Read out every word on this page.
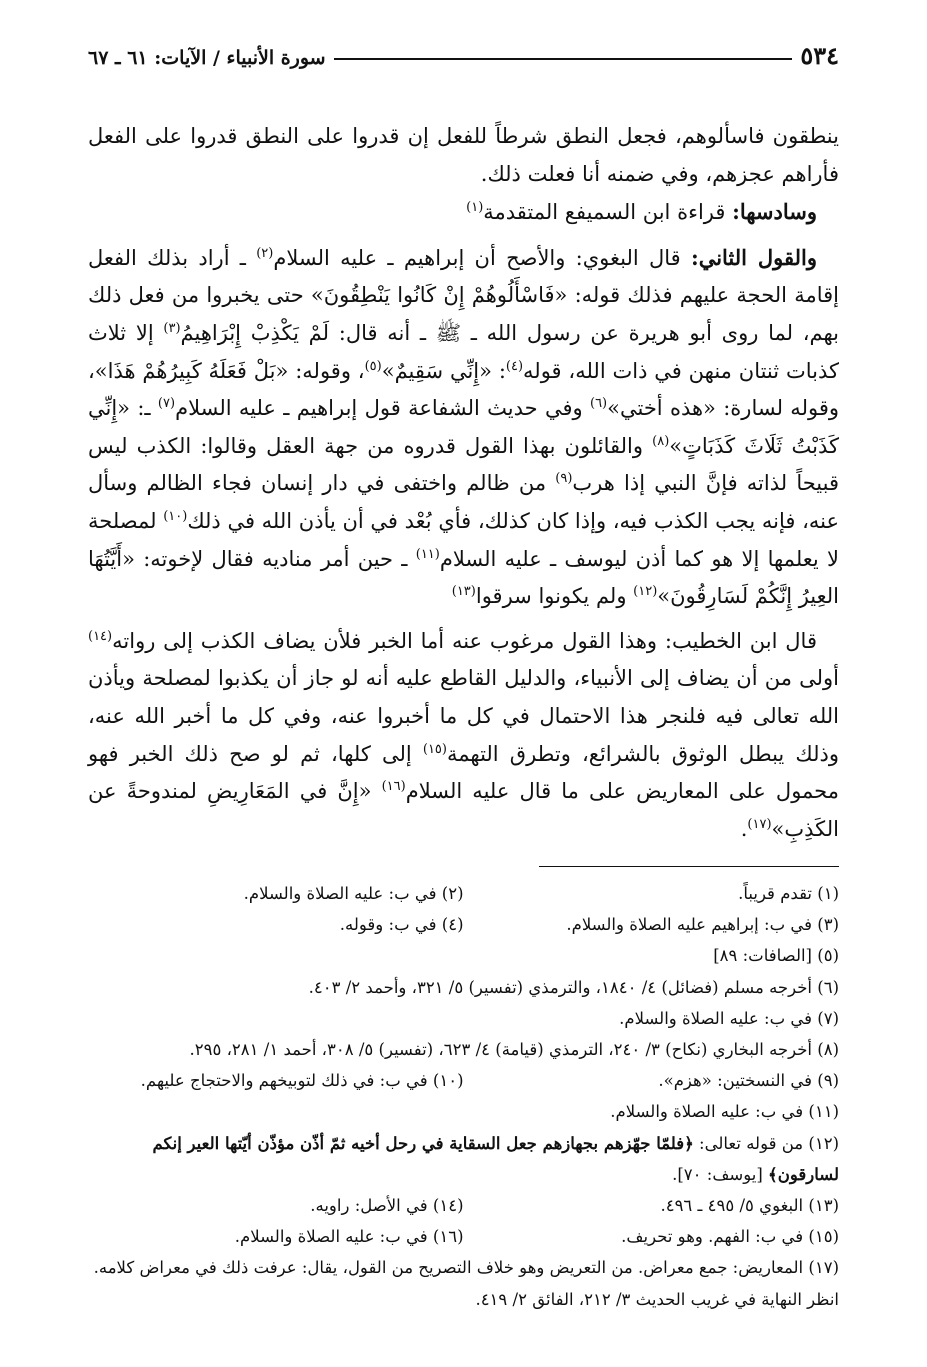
٥٣٤
سورة الأنبياء / الآيات: ٦١ ـ ٦٧

ينطقون فاسألوهم، فجعل النطق شرطاً للفعل إن قدروا على النطق قدروا على الفعل فأراهم عجزهم، وفي ضمنه أنا فعلت ذلك.

وسادسها: قراءة ابن السميفع المتقدمة$^{(١)}$

والقول الثاني: قال البغوي: والأصح أن إبراهيم ـ عليه السلام$^{(٢)}$ ـ أراد بذلك الفعل إقامة الحجة عليهم فذلك قوله: «فَاسْأَلُوهُمْ إِنْ كَانُوا يَنْطِقُونَ» حتى يخبروا من فعل ذلك بهم، لما روى أبو هريرة عن رسول الله ـ ﷺ ـ أنه قال: لَمْ يَكْذِبْ إِبْرَاهِيمُ$^{(٣)}$ إلا ثلاث كذبات ثنتان منهن في ذات الله، قوله$^{(٤)}$: «إِنِّي سَقِيمٌ»$^{(٥)}$، وقوله: «بَلْ فَعَلَهُ كَبِيرُهُمْ هَذَا»، وقوله لسارة: «هذه أختي»$^{(٦)}$ وفي حديث الشفاعة قول إبراهيم ـ عليه السلام$^{(٧)}$ ـ: «إِنِّي كَذَبْتُ ثَلَاثَ كَذَبَاتٍ»$^{(٨)}$ والقائلون بهذا القول قدروه من جهة العقل وقالوا: الكذب ليس قبيحاً لذاته فإنَّ النبي إذا هرب$^{(٩)}$ من ظالم واختفى في دار إنسان فجاء الظالم وسأل عنه، فإنه يجب الكذب فيه، وإذا كان كذلك، فأي بُعْد في أن يأذن الله في ذلك$^{(١٠)}$ لمصلحة لا يعلمها إلا هو كما أذن ليوسف ـ عليه السلام$^{(١١)}$ ـ حين أمر مناديه فقال لإخوته: «أَيَّتُهَا العِيرُ إِنَّكُمْ لَسَارِقُونَ»$^{(١٢)}$ ولم يكونوا سرقوا$^{(١٣)}$

قال ابن الخطيب: وهذا القول مرغوب عنه أما الخبر فلأن يضاف الكذب إلى رواته$^{(١٤)}$ أولى من أن يضاف إلى الأنبياء، والدليل القاطع عليه أنه لو جاز أن يكذبوا لمصلحة ويأذن الله تعالى فيه فلنجر هذا الاحتمال في كل ما أخبروا عنه، وفي كل ما أخبر الله عنه، وذلك يبطل الوثوق بالشرائع، وتطرق التهمة$^{(١٥)}$ إلى كلها، ثم لو صح ذلك الخبر فهو محمول على المعاريض على ما قال عليه السلام$^{(١٦)}$ «إِنَّ في المَعَارِيضِ لمندوحةً عن الكَذِبِ»$^{(١٧)}$.

(١) تقدم قريباً.
(٢) في ب: عليه الصلاة والسلام.
(٣) في ب: إبراهيم عليه الصلاة والسلام.
(٤) في ب: وقوله.

(٥) [الصافات: ٨٩]

(٦) أخرجه مسلم (فضائل) ٤/ ١٨٤٠، والترمذي (تفسير) ٥/ ٣٢١، وأحمد ٢/ ٤٠٣.

(٧) في ب: عليه الصلاة والسلام.

(٨) أخرجه البخاري (نكاح) ٣/ ٢٤٠، الترمذي (قيامة) ٤/ ٦٢٣، (تفسير) ٥/ ٣٠٨، أحمد ١/ ٢٨١، ٢٩٥.

(٩) في النسختين: «هزم».
(١٠) في ب: في ذلك لتوبيخهم والاحتجاج عليهم.

(١١) في ب: عليه الصلاة والسلام.

(١٢) من قوله تعالى: ﴿فلمّا جهّزهم بجهازهم جعل السقاية في رحل أخيه ثمّ أذّن مؤذّن أيّتها العير إنكم لسارقون﴾ [يوسف: ٧٠].

(١٣) البغوي ٥/ ٤٩٥ ـ ٤٩٦.
(١٤) في الأصل: راويه.
(١٥) في ب: الفهم. وهو تحريف.
(١٦) في ب: عليه الصلاة والسلام.

(١٧) المعاريض: جمع معراض. من التعريض وهو خلاف التصريح من القول، يقال: عرفت ذلك في معراض كلامه. انظر النهاية في غريب الحديث ٣/ ٢١٢، الفائق ٢/ ٤١٩.
